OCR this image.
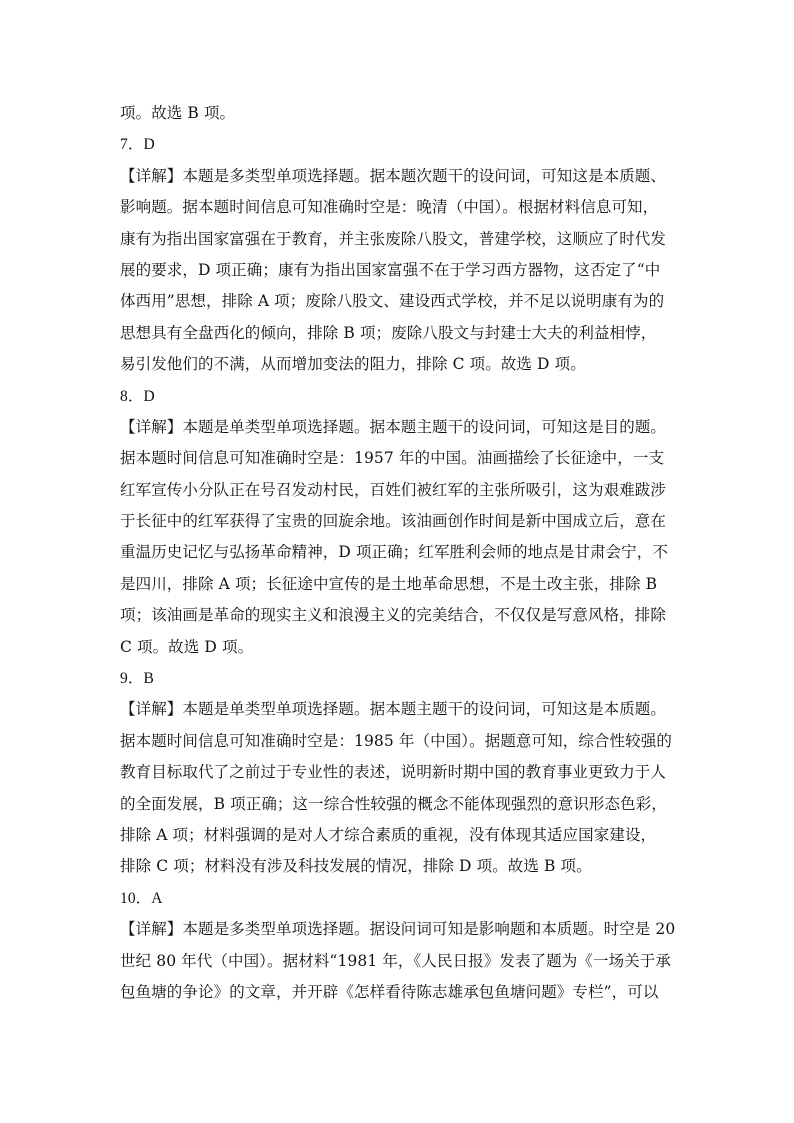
项。故选 B 项。
7．D
【详解】本题是多类型单项选择题。据本题次题干的设问词，可知这是本质题、
影响题。据本题时间信息可知准确时空是：晚清（中国）。根据材料信息可知，
康有为指出国家富强在于教育，并主张废除八股文，普建学校，这顺应了时代发
展的要求，D 项正确；康有为指出国家富强不在于学习西方器物，这否定了“中
体西用”思想，排除 A 项；废除八股文、建设西式学校，并不足以说明康有为的
思想具有全盘西化的倾向，排除 B 项；废除八股文与封建士大夫的利益相悖，
易引发他们的不满，从而增加变法的阻力，排除 C 项。故选 D 项。
8．D
【详解】本题是单类型单项选择题。据本题主题干的设问词，可知这是目的题。
据本题时间信息可知准确时空是：1957 年的中国。油画描绘了长征途中，一支
红军宣传小分队正在号召发动村民，百姓们被红军的主张所吸引，这为艰难跋涉
于长征中的红军获得了宝贵的回旋余地。该油画创作时间是新中国成立后，意在
重温历史记忆与弘扬革命精神，D 项正确；红军胜利会师的地点是甘肃会宁，不
是四川，排除 A 项；长征途中宣传的是土地革命思想，不是土改主张，排除 B
项；该油画是革命的现实主义和浪漫主义的完美结合，不仅仅是写意风格，排除
C 项。故选 D 项。
9．B
【详解】本题是单类型单项选择题。据本题主题干的设问词，可知这是本质题。
据本题时间信息可知准确时空是：1985 年（中国）。据题意可知，综合性较强的
教育目标取代了之前过于专业性的表述，说明新时期中国的教育事业更致力于人
的全面发展，B 项正确；这一综合性较强的概念不能体现强烈的意识形态色彩，
排除 A 项；材料强调的是对人才综合素质的重视，没有体现其适应国家建设，
排除 C 项；材料没有涉及科技发展的情况，排除 D 项。故选 B 项。
10．A
【详解】本题是多类型单项选择题。据设问词可知是影响题和本质题。时空是 20
世纪 80 年代（中国）。据材料“1981 年，《人民日报》发表了题为《一场关于承
包鱼塘的争论》的文章，并开辟《怎样看待陈志雄承包鱼塘问题》专栏”，可以
